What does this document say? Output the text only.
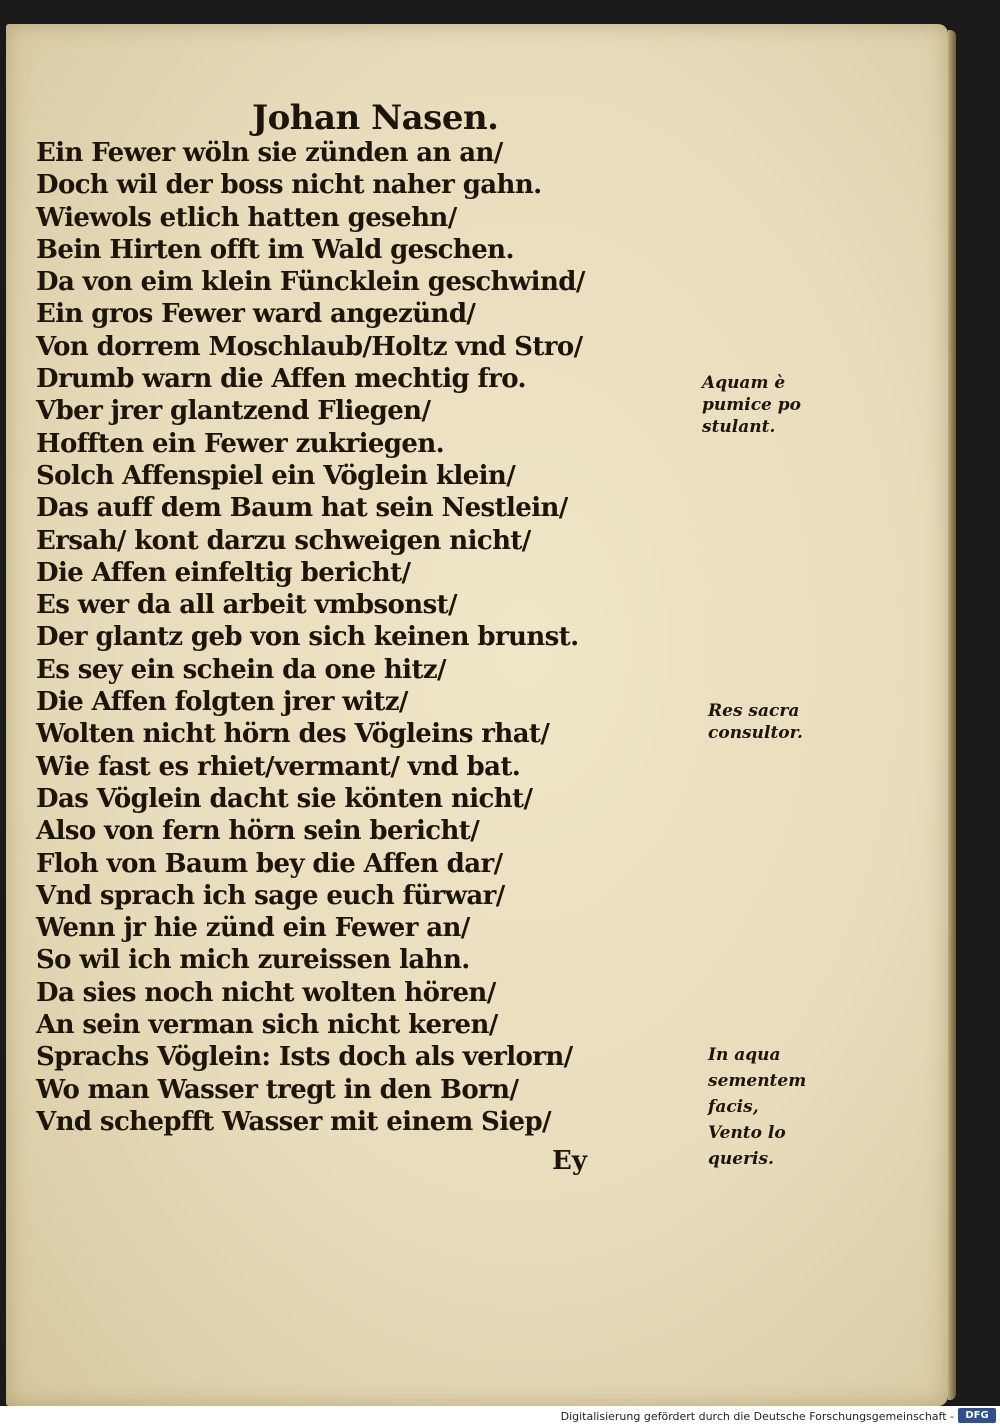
Johan Nasen.
Ein Fewer wöln sie zünden an an/
Doch wil der boss nicht naher gahn.
Wiewols etlich hatten gesehn/
Bein Hirten offt im Wald geschen.
Da von eim klein Füncklein geschwind/
Ein gros Fewer ward angezünd/
Von dorrem Moschlaub/Holtz vnd Stro/
Drumb warn die Affen mechtig fro.
Vber jrer glantzend Fliegen/
Hofften ein Fewer zukriegen.
Solch Affenspiel ein Vöglein klein/
Das auff dem Baum hat sein Nestlein/
Ersah/ kont darzu schweigen nicht/
Die Affen einfeltig bericht/
Es wer da all arbeit vmbsonst/
Der glantz geb von sich keinen brunst.
Es sey ein schein da one hitz/
Die Affen folgten jrer witz/
Wolten nicht hörn des Vögleins rhat/
Wie fast es rhiet/vermant/ vnd bat.
Das Vöglein dacht sie könten nicht/
Also von fern hörn sein bericht/
Floh von Baum bey die Affen dar/
Vnd sprach ich sage euch fürwar/
Wenn jr hie zünd ein Fewer an/
So wil ich mich zureissen lahn.
Da sies noch nicht wolten hören/
An sein verman sich nicht keren/
Sprachs Vöglein: Ists doch als verlorn/
Wo man Wasser tregt in den Born/
Vnd schepfft Wasser mit einem Siep/
Ey
Aquam è
pumice po
stulant.
Res sacra
consultor.
In aqua
sementem
facis,
Vento lo
queris.
Digitalisierung gefördert durch die Deutsche Forschungsgemeinschaft -	DFG
